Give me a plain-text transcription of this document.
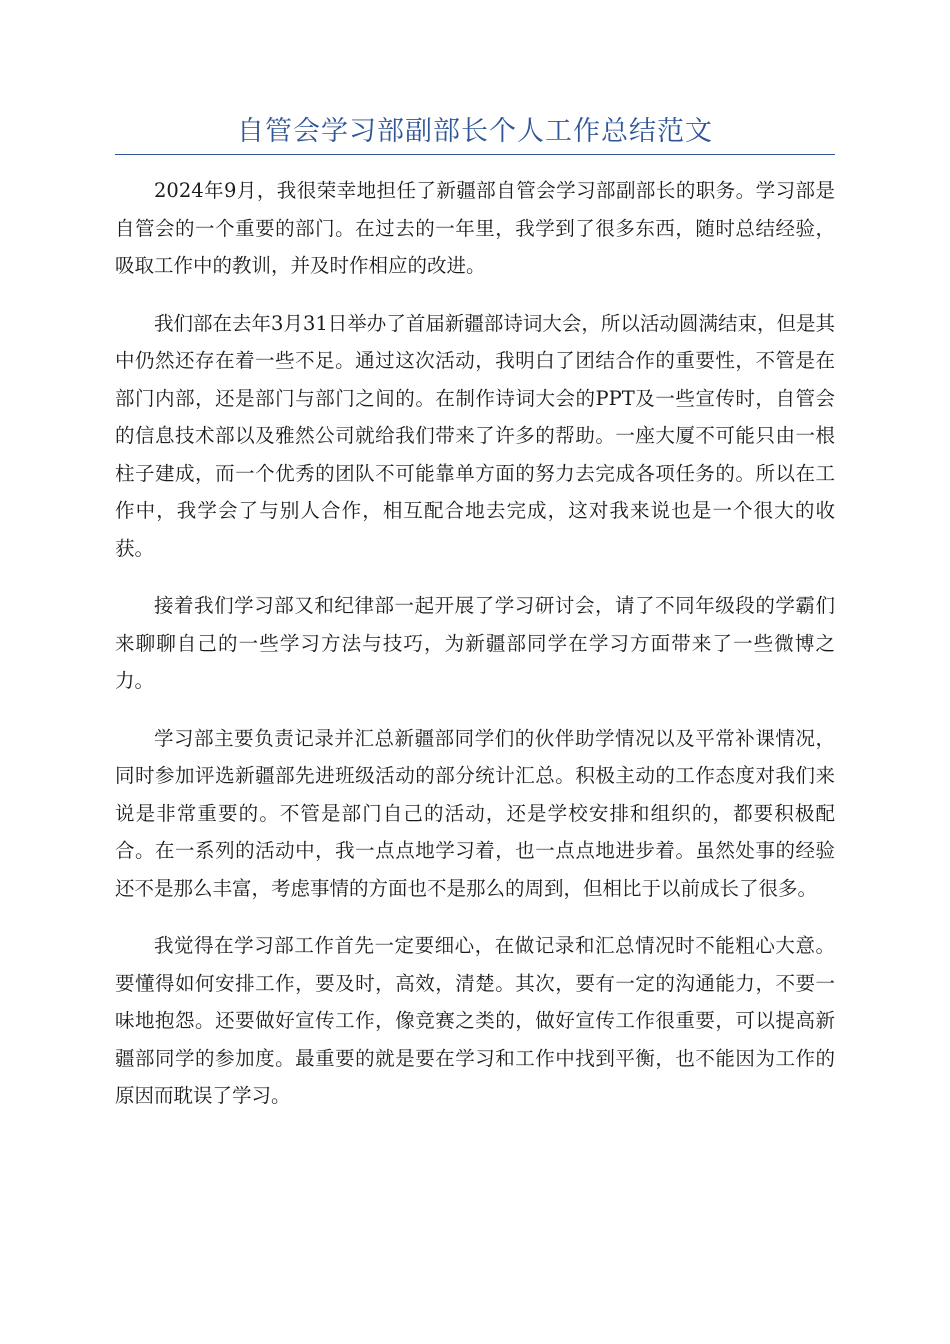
自管会学习部副部长个人工作总结范文

2024年9月，我很荣幸地担任了新疆部自管会学习部副部长的职务。学习部是自管会的一个重要的部门。在过去的一年里，我学到了很多东西，随时总结经验，吸取工作中的教训，并及时作相应的改进。

我们部在去年3月31日举办了首届新疆部诗词大会，所以活动圆满结束，但是其中仍然还存在着一些不足。通过这次活动，我明白了团结合作的重要性，不管是在部门内部，还是部门与部门之间的。在制作诗词大会的PPT及一些宣传时，自管会的信息技术部以及雅然公司就给我们带来了许多的帮助。一座大厦不可能只由一根柱子建成，而一个优秀的团队不可能靠单方面的努力去完成各项任务的。所以在工作中，我学会了与别人合作，相互配合地去完成，这对我来说也是一个很大的收获。

接着我们学习部又和纪律部一起开展了学习研讨会，请了不同年级段的学霸们来聊聊自己的一些学习方法与技巧，为新疆部同学在学习方面带来了一些微博之力。

学习部主要负责记录并汇总新疆部同学们的伙伴助学情况以及平常补课情况，同时参加评选新疆部先进班级活动的部分统计汇总。积极主动的工作态度对我们来说是非常重要的。不管是部门自己的活动，还是学校安排和组织的，都要积极配合。在一系列的活动中，我一点点地学习着，也一点点地进步着。虽然处事的经验还不是那么丰富，考虑事情的方面也不是那么的周到，但相比于以前成长了很多。

我觉得在学习部工作首先一定要细心，在做记录和汇总情况时不能粗心大意。要懂得如何安排工作，要及时，高效，清楚。其次，要有一定的沟通能力，不要一味地抱怨。还要做好宣传工作，像竞赛之类的，做好宣传工作很重要，可以提高新疆部同学的参加度。最重要的就是要在学习和工作中找到平衡，也不能因为工作的原因而耽误了学习。
